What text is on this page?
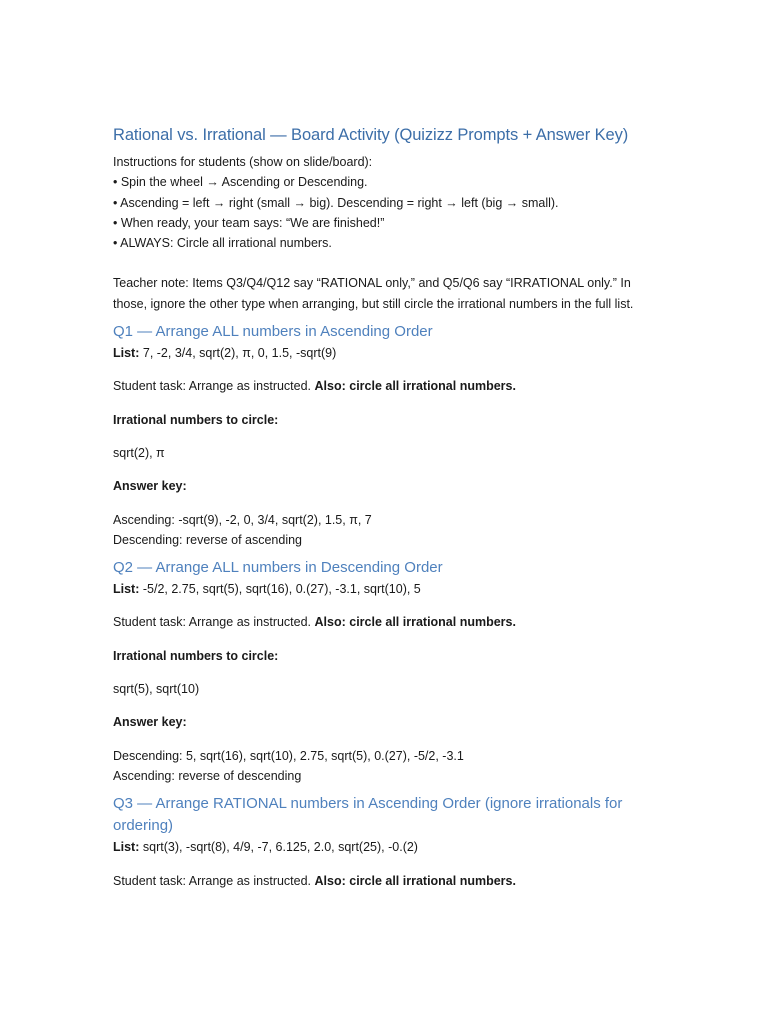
Rational vs. Irrational — Board Activity (Quizizz Prompts + Answer Key)

Instructions for students (show on slide/board):

• Spin the wheel → Ascending or Descending.

• Ascending = left → right (small → big). Descending = right → left (big → small).

• When ready, your team says: “We are finished!”

• ALWAYS: Circle all irrational numbers.

Teacher note: Items Q3/Q4/Q12 say “RATIONAL only,” and Q5/Q6 say “IRRATIONAL only.” In

those, ignore the other type when arranging, but still circle the irrational numbers in the full list.

Q1 — Arrange ALL numbers in Ascending Order

List: 7, -2, 3/4, sqrt(2), π, 0, 1.5, -sqrt(9)

Student task: Arrange as instructed. Also: circle all irrational numbers.

Irrational numbers to circle:

sqrt(2), π

Answer key:

Ascending: -sqrt(9), -2, 0, 3/4, sqrt(2), 1.5, π, 7

Descending: reverse of ascending

Q2 — Arrange ALL numbers in Descending Order

List: -5/2, 2.75, sqrt(5), sqrt(16), 0.(27), -3.1, sqrt(10), 5

Student task: Arrange as instructed. Also: circle all irrational numbers.

Irrational numbers to circle:

sqrt(5), sqrt(10)

Answer key:

Descending: 5, sqrt(16), sqrt(10), 2.75, sqrt(5), 0.(27), -5/2, -3.1

Ascending: reverse of descending

Q3 — Arrange RATIONAL numbers in Ascending Order (ignore irrationals for ordering)

List: sqrt(3), -sqrt(8), 4/9, -7, 6.125, 2.0, sqrt(25), -0.(2)

Student task: Arrange as instructed. Also: circle all irrational numbers.
